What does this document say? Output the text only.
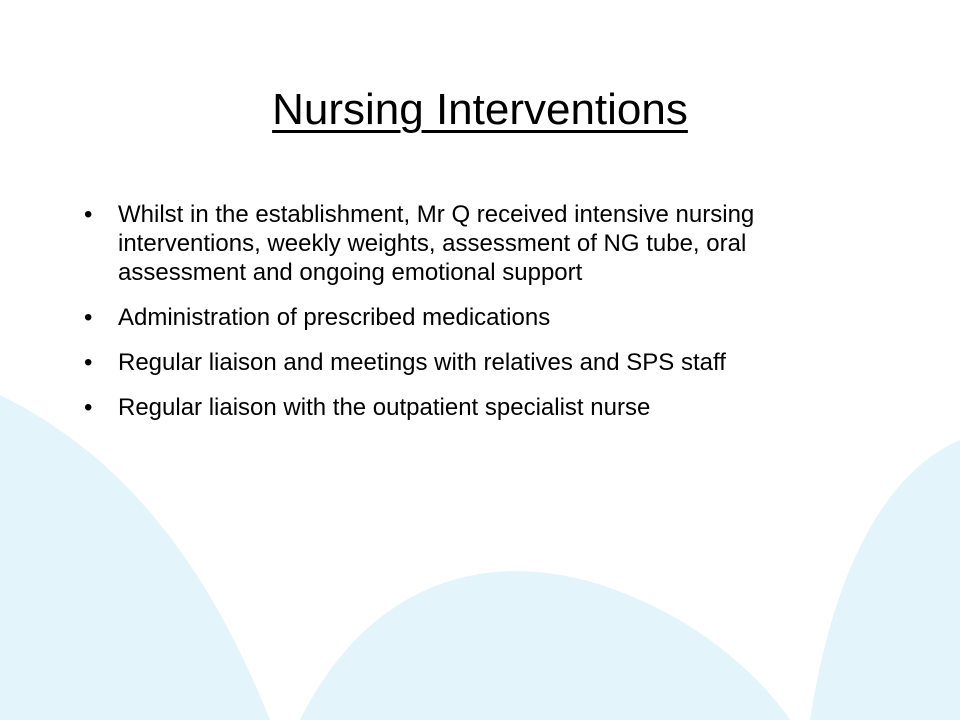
Nursing Interventions
• Whilst in the establishment, Mr Q received intensive nursing interventions, weekly weights, assessment of NG tube, oral assessment and ongoing emotional support
• Administration of prescribed medications
• Regular liaison and meetings with relatives and SPS staff
• Regular liaison with the outpatient specialist nurse
